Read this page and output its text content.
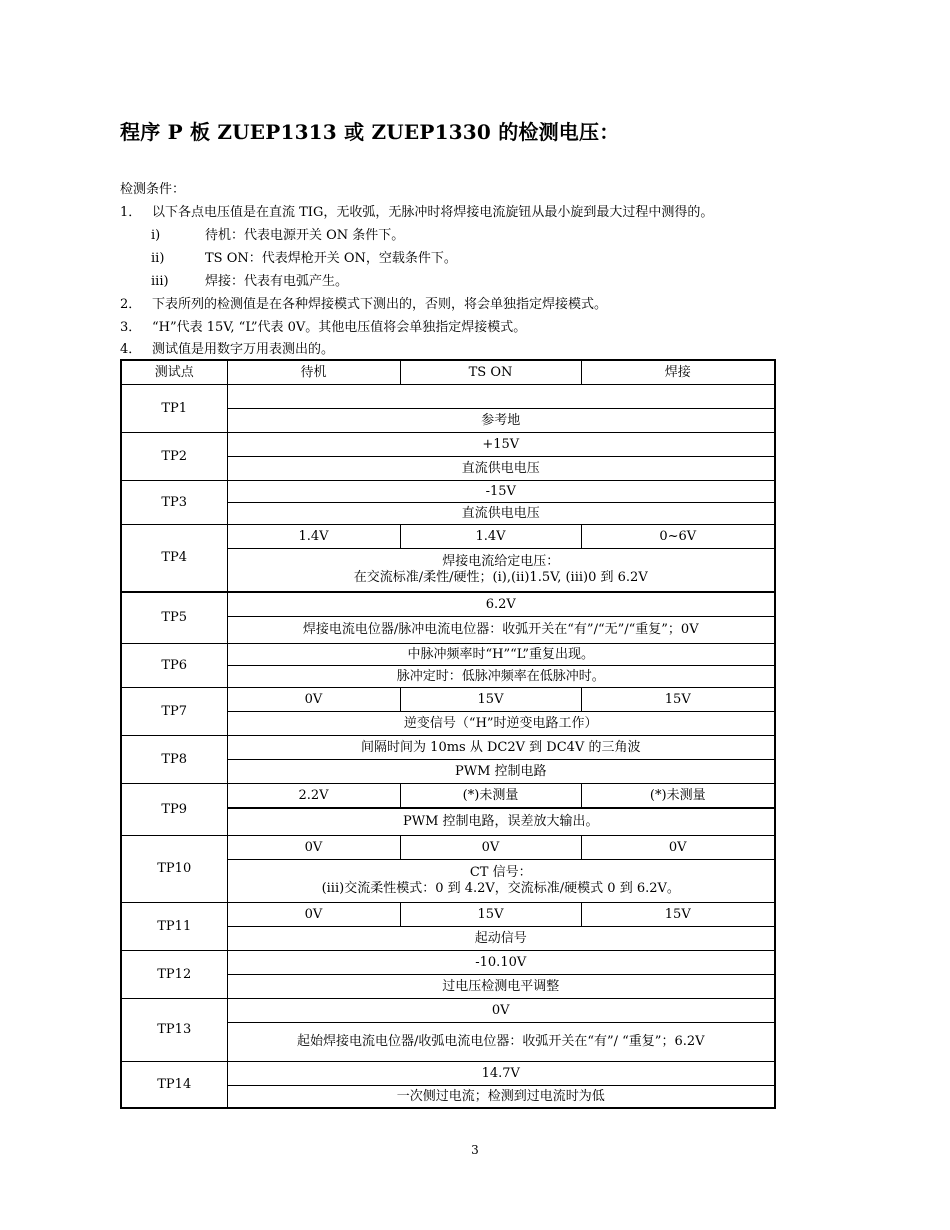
程序 P 板 ZUEP1313 或 ZUEP1330 的检测电压：
检测条件：
1． 以下各点电压值是在直流 TIG，无收弧，无脉冲时将焊接电流旋钮从最小旋到最大过程中测得的。
i)	待机：代表电源开关 ON 条件下。
ii)	TS ON：代表焊枪开关 ON，空载条件下。
iii)	焊接：代表有电弧产生。
2． 下表所列的检测值是在各种焊接模式下测出的，否则，将会单独指定焊接模式。
3． “H”代表 15V, “L”代表 0V。其他电压值将会单独指定焊接模式。
4． 测试值是用数字万用表测出的。
测试点	待机	TS ON	焊接
TP1			
	参考地		
TP2	+15V		
	直流供电电压		
TP3	-15V		
	直流供电电压		
TP4	1.4V	1.4V	0~6V

	焊接电流给定电压：
在交流标准/柔性/硬性；(i),(ii)1.5V, (iii)0 到 6.2V		

TP5	6.2V		
	焊接电流电位器/脉冲电流电位器：收弧开关在“有”/“无”/“重复”；0V		
TP6	中脉冲频率时“H”“L”重复出现。		
	脉冲定时：低脉冲频率在低脉冲时。		
TP7	0V	15V	15V
	逆变信号（“H”时逆变电路工作）		
TP8	间隔时间为 10ms 从 DC2V 到 DC4V 的三角波		
	PWM 控制电路		
TP9	2.2V	(*)未测量	(*)未测量
	PWM 控制电路，误差放大输出。		
TP10	0V	0V	0V

	CT 信号：
(iii)交流柔性模式：0 到 4.2V，交流标准/硬模式 0 到 6.2V。		

TP11	0V	15V	15V
	起动信号		
TP12	-10.10V		
	过电压检测电平调整		
TP13	0V		
	起始焊接电流电位器/收弧电流电位器：收弧开关在“有”/ “重复”；6.2V		
TP14	14.7V		
	一次侧过电流；检测到过电流时为低		
3
